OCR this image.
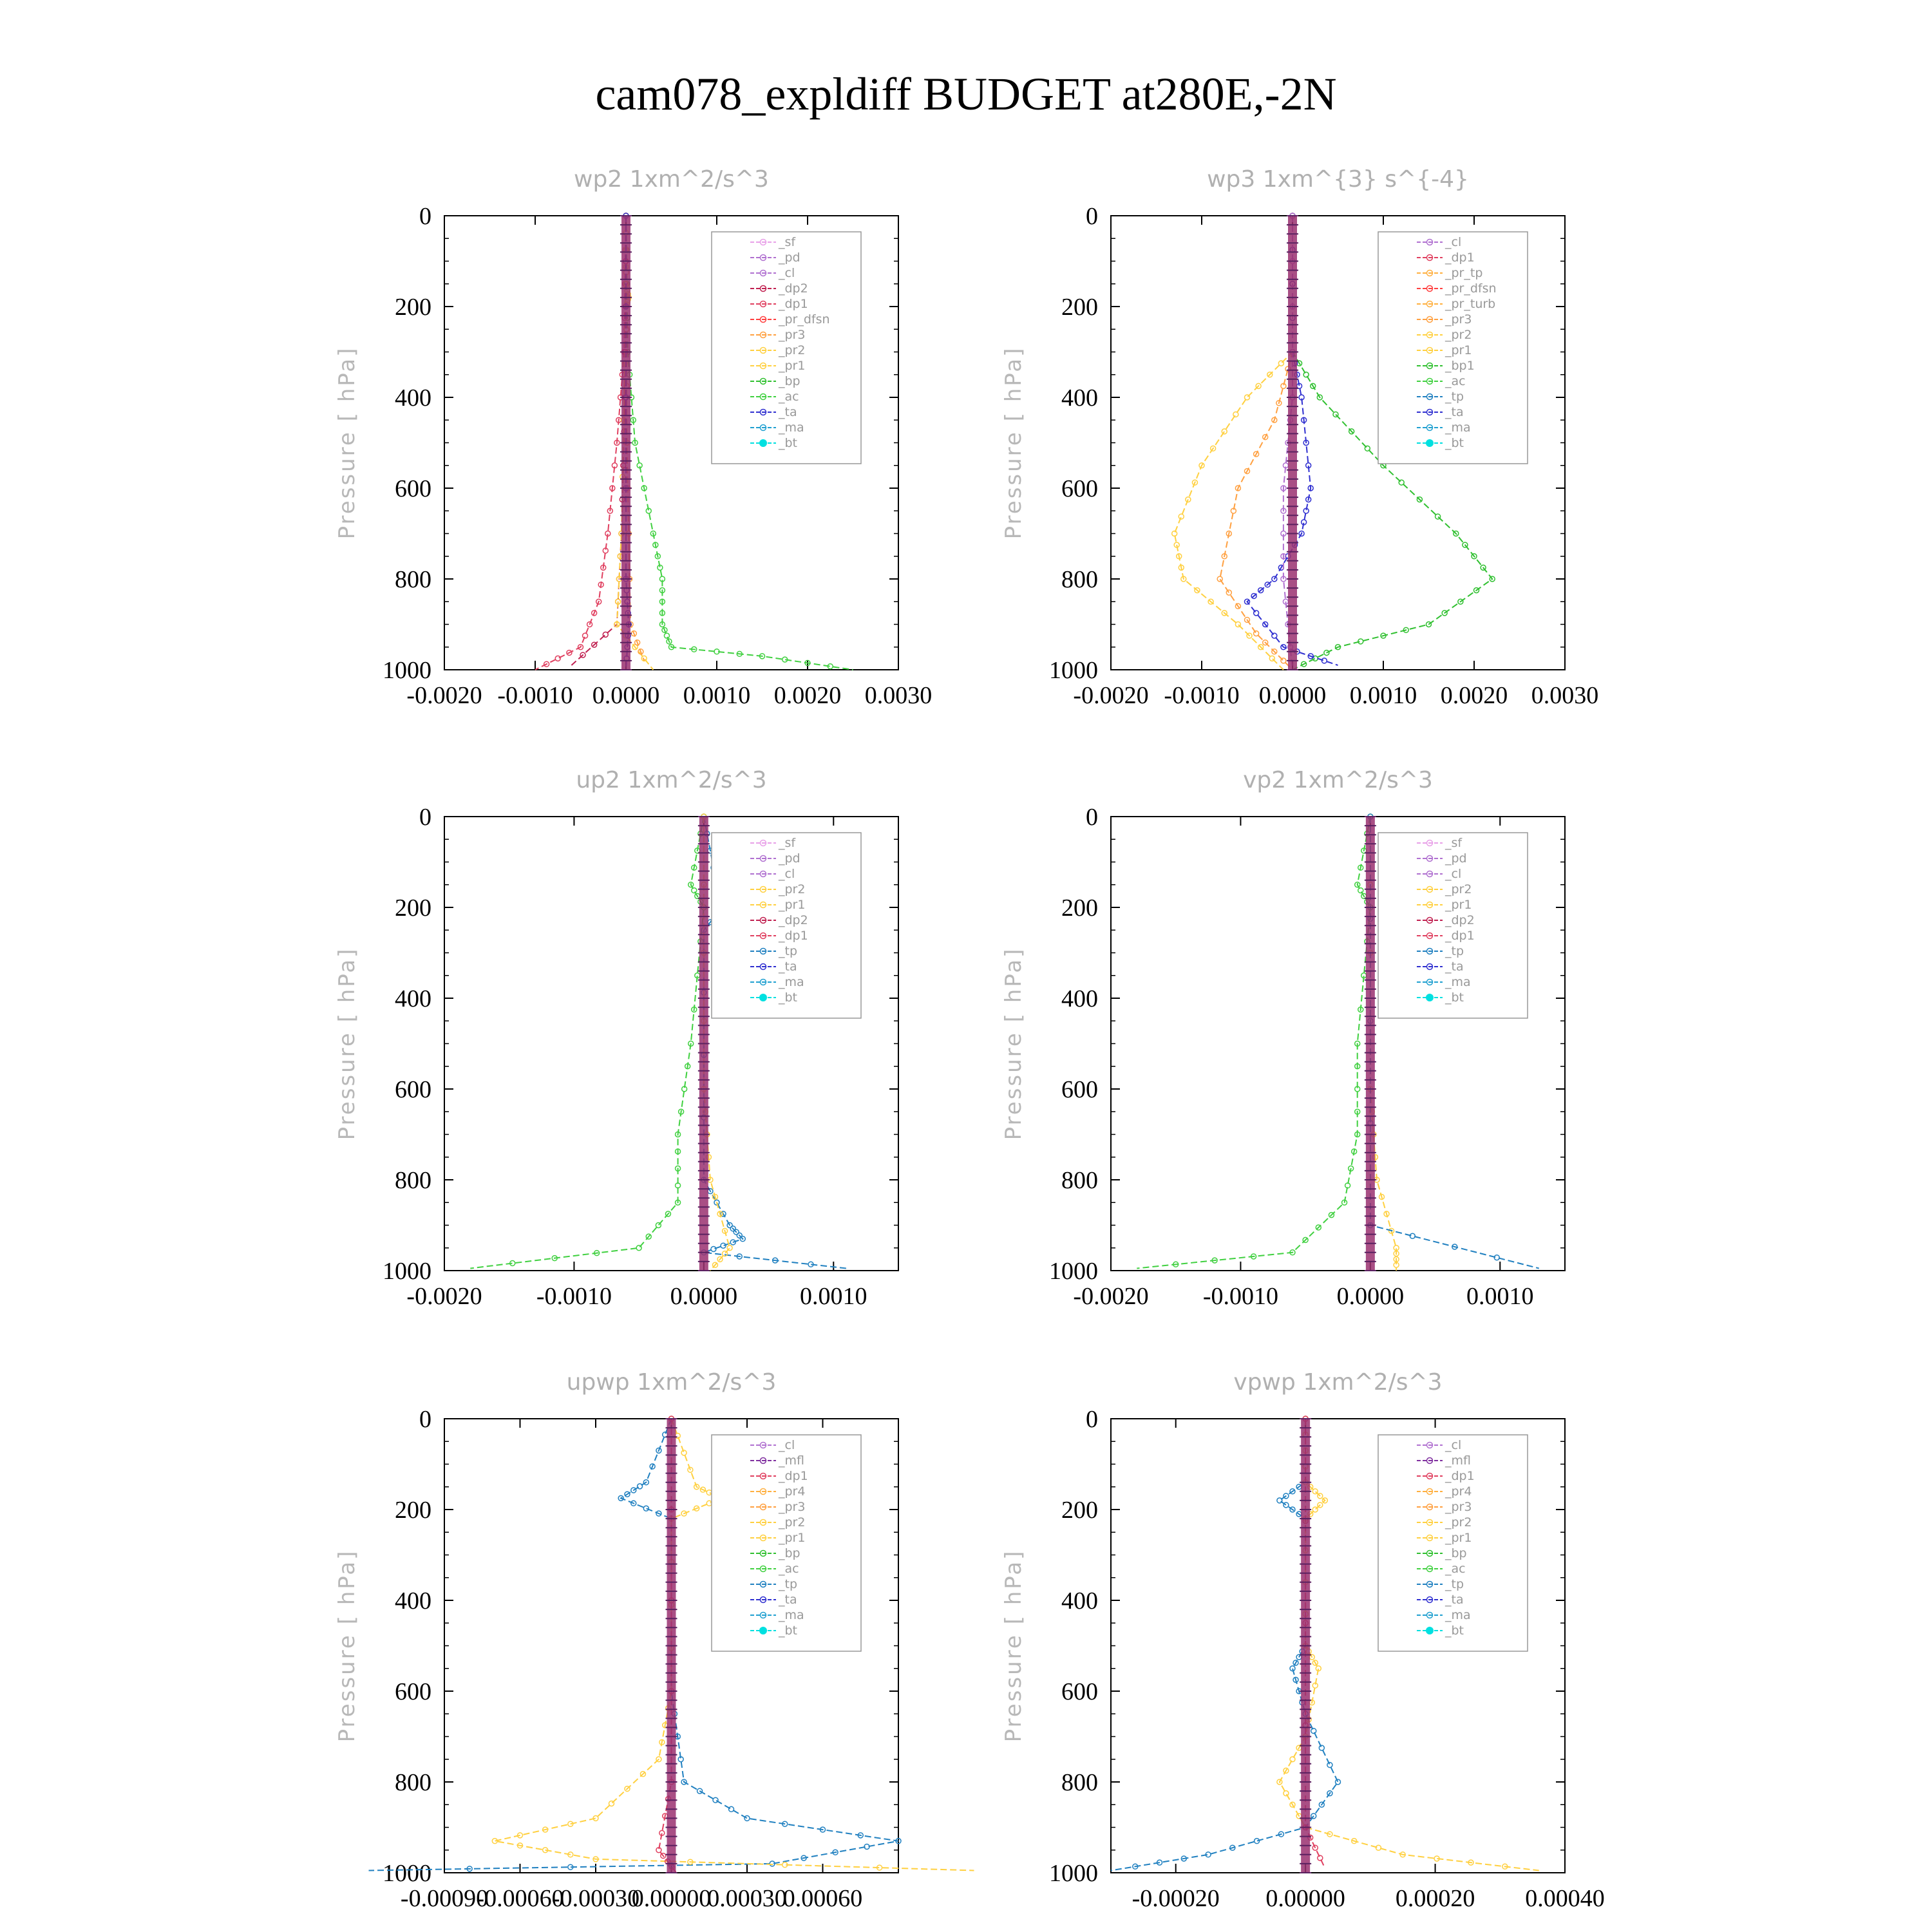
cam078_expldiff BUDGET at280E,-2N
wp2 1xm^2/s^3
Pressure [ hPa]
0
200
400
600
800
1000
-0.0020 -0.0010 0.0000 0.0010 0.0020 0.0030
_sf
_pd
_cl
_dp2
_dp1
_pr_dfsn
_pr3
_pr2
_pr1
_bp
_ac
_ta
_ma
_bt
wp3 1xm^{3} s^{-4}
Pressure [ hPa]
0
200
400
600
800
1000
-0.0020 -0.0010 0.0000 0.0010 0.0020 0.0030
_cl
_dp1
_pr_tp
_pr_dfsn
_pr_turb
_pr3
_pr2
_pr1
_bp1
_ac
_tp
_ta
_ma
_bt
up2 1xm^2/s^3
Pressure [ hPa]
0
200
400
600
800
1000
-0.0020 -0.0010 0.0000	0.0010
_sf
_pd
_cl
_pr2
_pr1
_dp2
_dp1
_tp
_ta
_ma
_bt
vp2 1xm^2/s^3
Pressure [ hPa]
0
200
400
600
800
1000
-0.0020 -0.0010 0.0000	0.0010
_sf
_pd
_cl
_pr2
_pr1
_dp2
_dp1
_tp
_ta
_ma
_bt
upwp 1xm^2/s^3
Pressure [ hPa]
0
200
400
600
800
1000
-0.00090
-0.00060
-0.00030
0.00000
0.00030
0.00060
_cl
_mfl
_dp1
_pr4
_pr3
_pr2
_pr1
_bp
_ac
_tp
_ta
_ma
_bt
vpwp 1xm^2/s^3
Pressure [ hPa]
0
200
400
600
800
1000
-0.00020 0.00000 0.00020 0.00040
_cl
_mfl
_dp1
_pr4
_pr3
_pr2
_pr1
_bp
_ac
_tp
_ta
_ma
_bt
